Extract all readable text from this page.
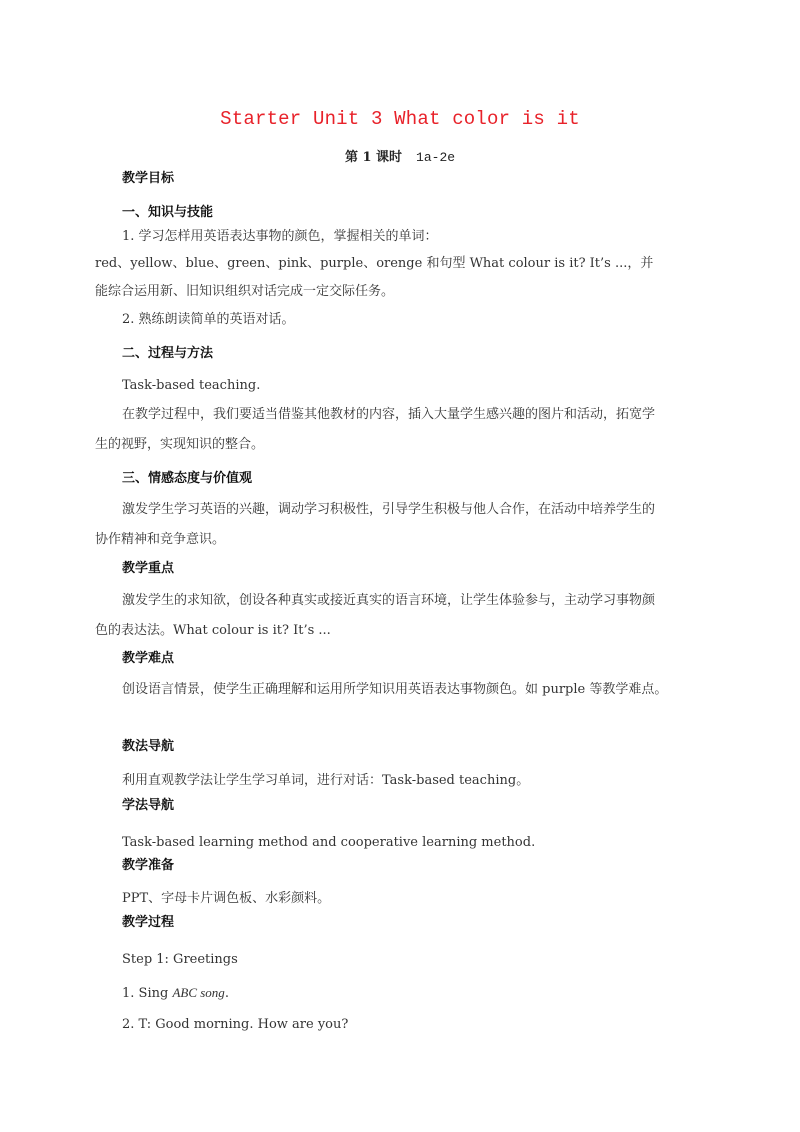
Starter Unit 3 What color is it
第 1 课时 1a-2e
教学目标
一、知识与技能
1. 学习怎样用英语表达事物的颜色，掌握相关的单词：
red、yellow、blue、green、pink、purple、orenge 和句型 What colour is it? It’s ...，并
能综合运用新、旧知识组织对话完成一定交际任务。
2. 熟练朗读简单的英语对话。
二、过程与方法
Task-based teaching.
在教学过程中，我们要适当借鉴其他教材的内容，插入大量学生感兴趣的图片和活动，拓宽学
生的视野，实现知识的整合。
三、情感态度与价值观
激发学生学习英语的兴趣，调动学习积极性，引导学生积极与他人合作，在活动中培养学生的
协作精神和竞争意识。
教学重点
激发学生的求知欲，创设各种真实或接近真实的语言环境，让学生体验参与，主动学习事物颜
色的表达法。What colour is it? It’s ...
教学难点
创设语言情景，使学生正确理解和运用所学知识用英语表达事物颜色。如 purple 等教学难点。
教法导航
利用直观教学法让学生学习单词，进行对话：Task-based teaching。
学法导航
Task-based learning method and cooperative learning method.
教学准备
PPT、字母卡片调色板、水彩颜料。
教学过程
Step 1: Greetings
1. Sing ABC song.
2. T: Good morning. How are you?
